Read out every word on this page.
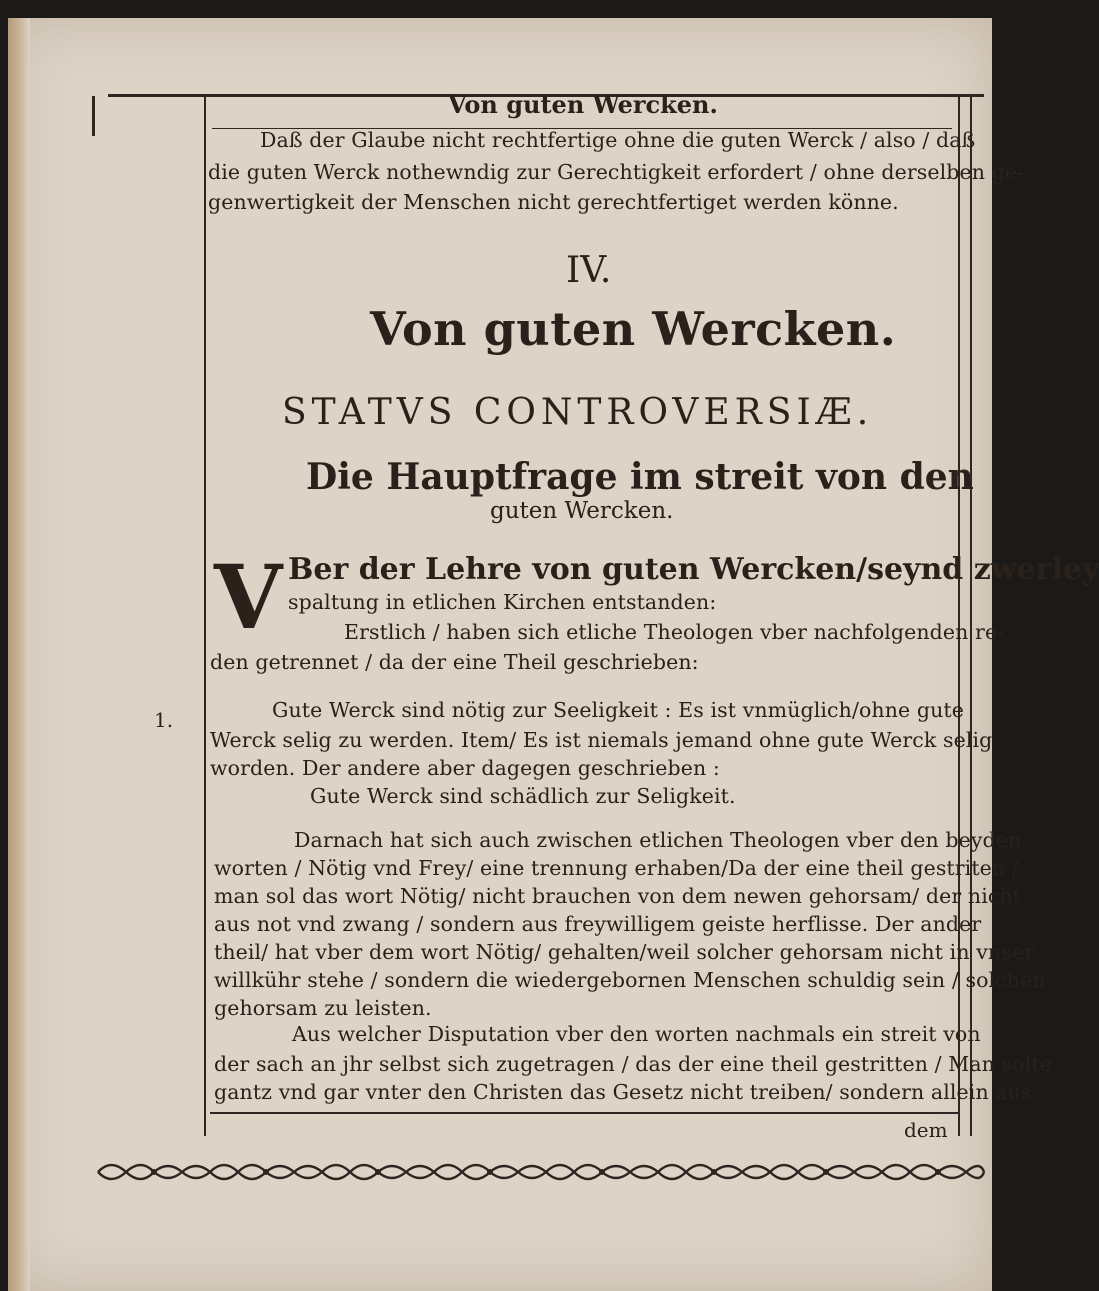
Von guten Wercken.
Daß der Glaube nicht rechtfertige ohne die guten Werck / also / daß
die guten Werck nothewndig zur Gerechtigkeit erfordert / ohne derselben ge-
genwertigkeit der Menschen nicht gerechtfertiget werden könne.
IV.
Von guten Wercken.
STATVS CONTROVERSIÆ.
Die Hauptfrage im streit von den
guten Wercken.
V Ber der Lehre von guten Wercken/seynd zwerley
spaltung in etlichen Kirchen entstanden:
Erstlich / haben sich etliche Theologen vber nachfolgenden re-
den getrennet / da der eine Theil geschrieben:
Gute Werck sind nötig zur Seeligkeit : Es ist vnmüglich/ohne gute
Werck selig zu werden. Item/ Es ist niemals jemand ohne gute Werck selig
worden. Der andere aber dagegen geschrieben :
Gute Werck sind schädlich zur Seligkeit.
Darnach hat sich auch zwischen etlichen Theologen vber den beyden
worten / Nötig vnd Frey/ eine trennung erhaben/Da der eine theil gestriten /
man sol das wort Nötig/ nicht brauchen von dem newen gehorsam/ der nicht
aus not vnd zwang / sondern aus freywilligem geiste herflisse. Der ander
theil/ hat vber dem wort Nötig/ gehalten/weil solcher gehorsam nicht in vnser
willkühr stehe / sondern die wiedergebornen Menschen schuldig sein / solchen
gehorsam zu leisten.
Aus welcher Disputation vber den worten nachmals ein streit von
der sach an jhr selbst sich zugetragen / das der eine theil gestritten / Man solte
gantz vnd gar vnter den Christen das Gesetz nicht treiben/ sondern allein aus
1.
dem
